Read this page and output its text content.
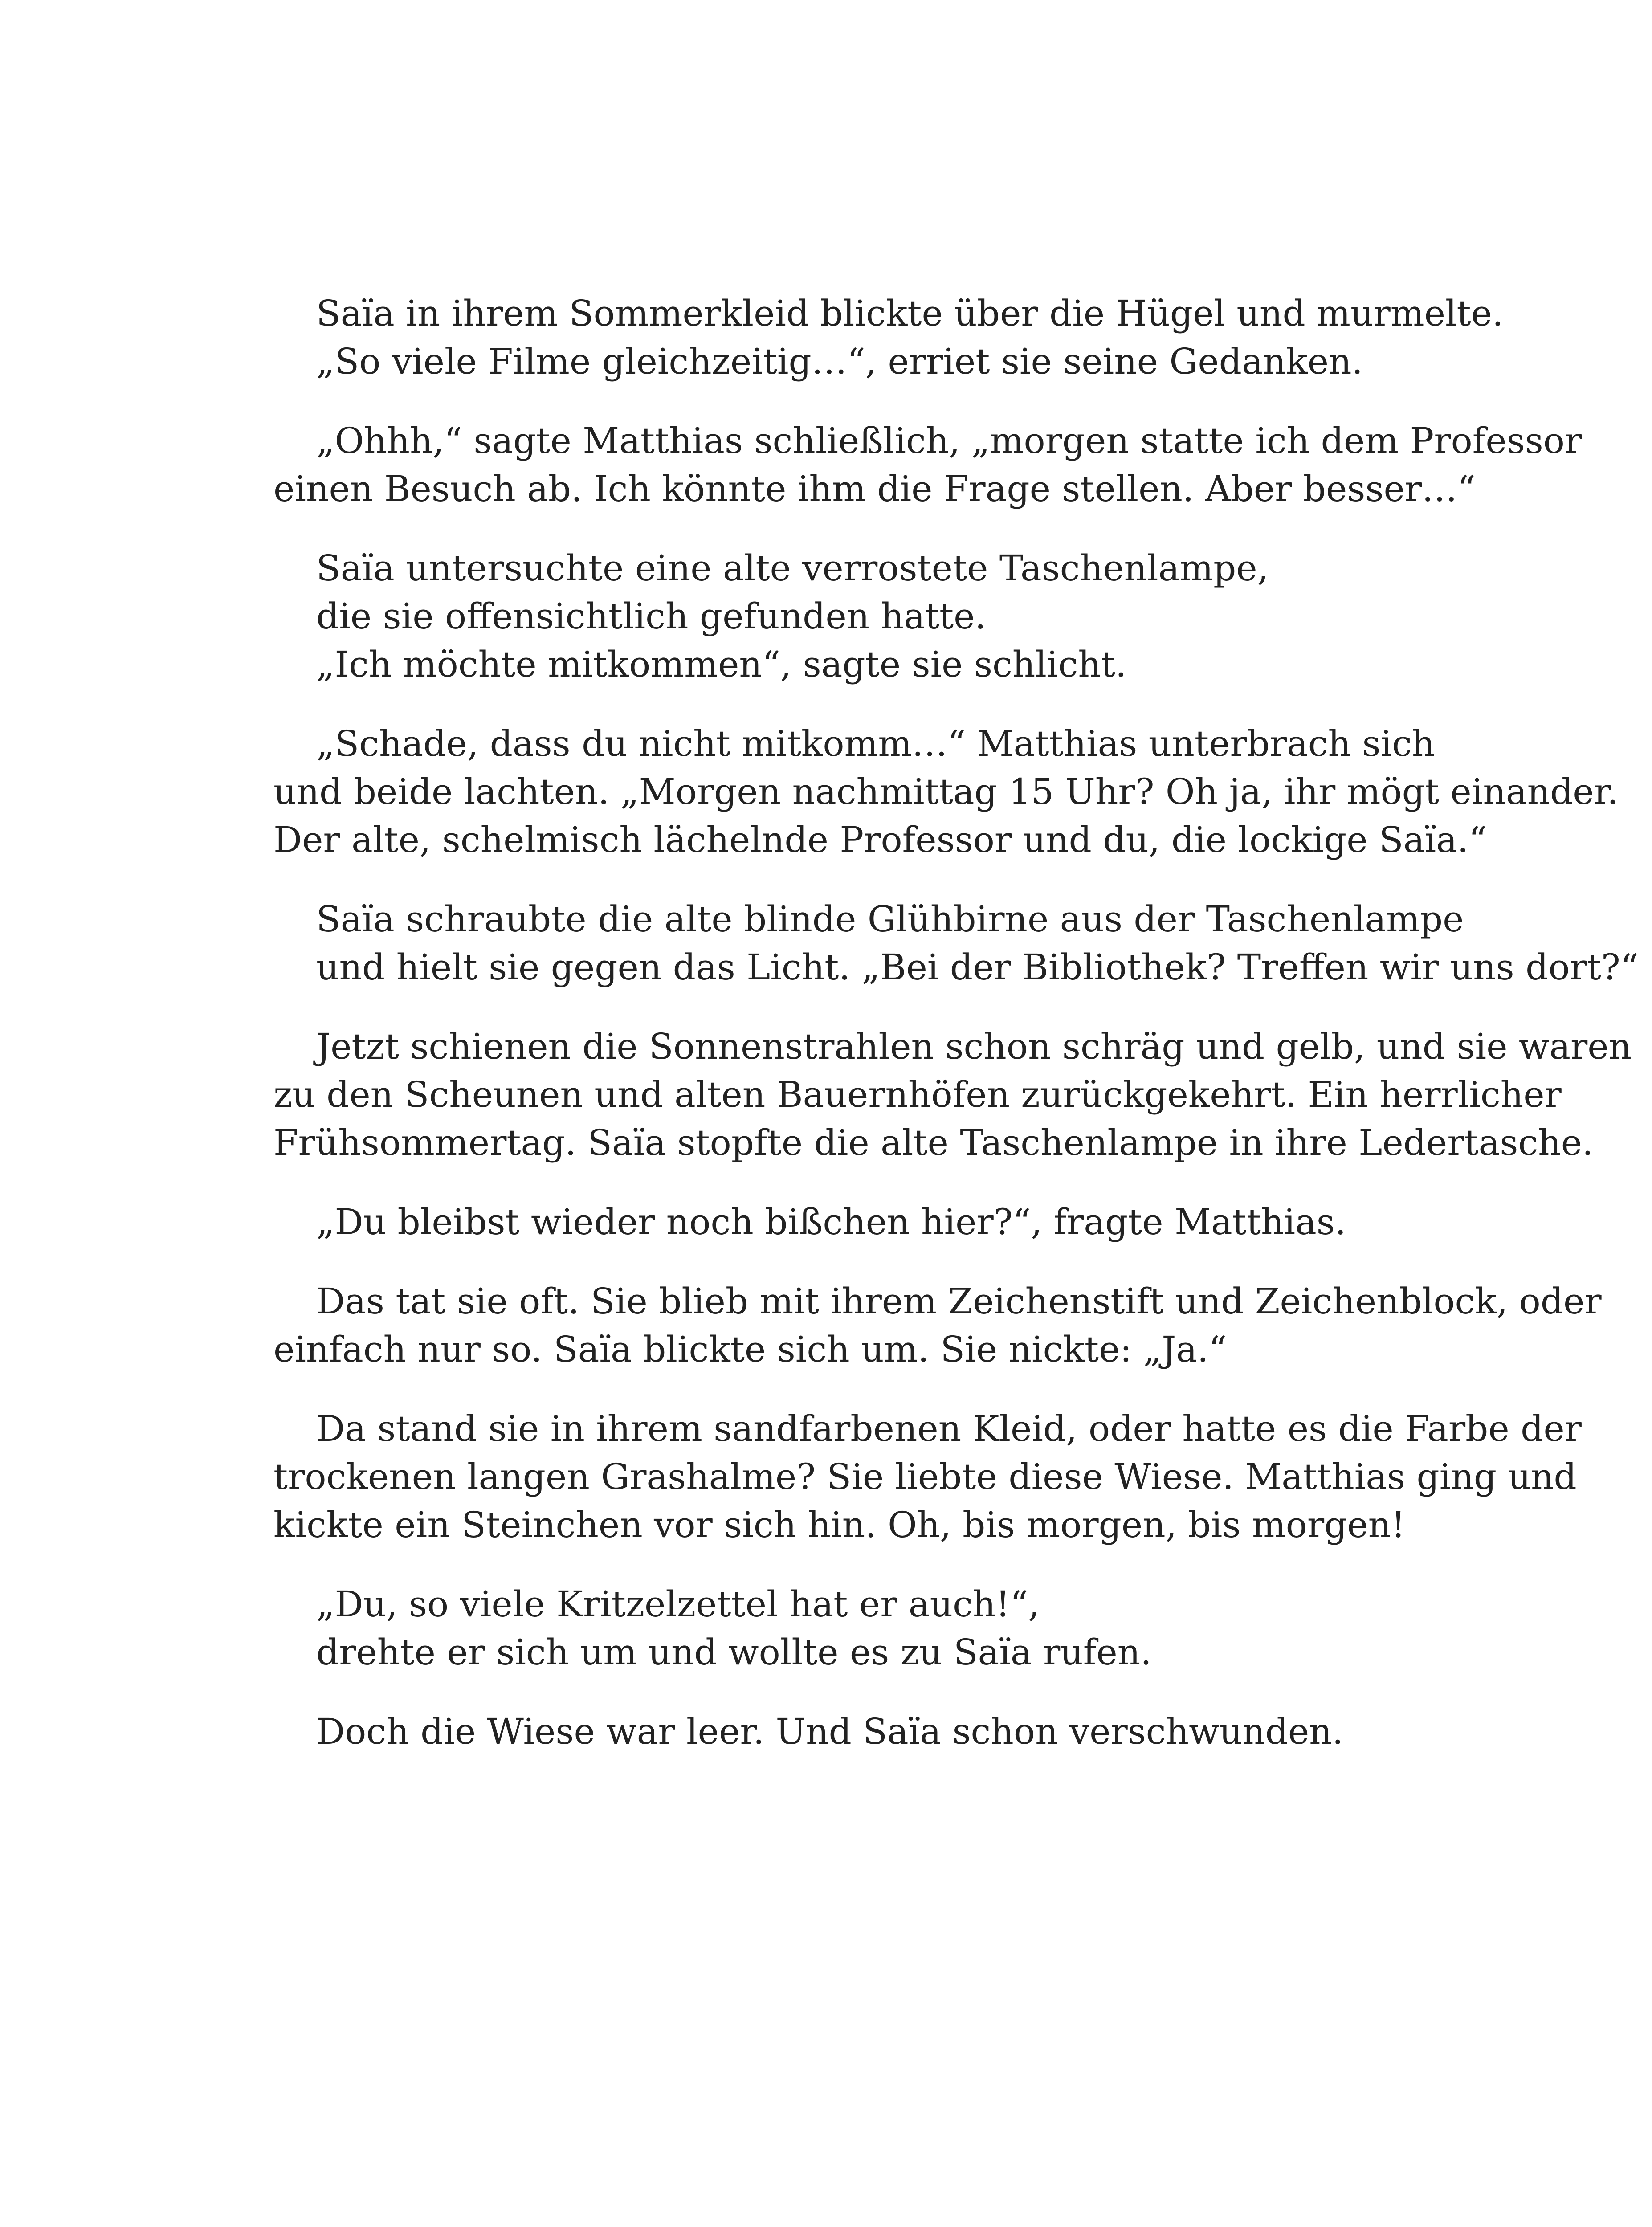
Saïa in ihrem Sommerkleid blickte über die Hügel und murmelte.
„So viele Filme gleichzeitig…“, erriet sie seine Gedanken.
„Ohhh,“ sagte Matthias schließlich, „morgen statte ich dem Professor
einen Besuch ab. Ich könnte ihm die Frage stellen. Aber besser…“
Saïa untersuchte eine alte verrostete Taschenlampe,
die sie offensichtlich gefunden hatte.
„Ich möchte mitkommen“, sagte sie schlicht.
„Schade, dass du nicht mitkomm…“ Matthias unterbrach sich
und beide lachten. „Morgen nachmittag 15 Uhr? Oh ja, ihr mögt einander.
Der alte, schelmisch lächelnde Professor und du, die lockige Saïa.“
Saïa schraubte die alte blinde Glühbirne aus der Taschenlampe
und hielt sie gegen das Licht. „Bei der Bibliothek? Treffen wir uns dort?“
Jetzt schienen die Sonnenstrahlen schon schräg und gelb, und sie waren
zu den Scheunen und alten Bauernhöfen zurückgekehrt. Ein herrlicher
Frühsommertag. Saïa stopfte die alte Taschenlampe in ihre Ledertasche.
„Du bleibst wieder noch bißchen hier?“, fragte Matthias.
Das tat sie oft. Sie blieb mit ihrem Zeichenstift und Zeichenblock, oder
einfach nur so. Saïa blickte sich um. Sie nickte: „Ja.“
Da stand sie in ihrem sandfarbenen Kleid, oder hatte es die Farbe der
trockenen langen Grashalme? Sie liebte diese Wiese. Matthias ging und
kickte ein Steinchen vor sich hin. Oh, bis morgen, bis morgen!
„Du, so viele Kritzelzettel hat er auch!“,
drehte er sich um und wollte es zu Saïa rufen.
Doch die Wiese war leer. Und Saïa schon verschwunden.
